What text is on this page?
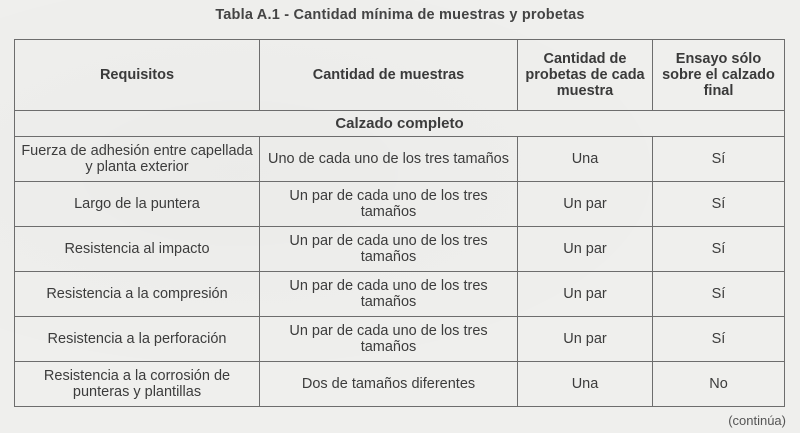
Tabla A.1 - Cantidad mínima de muestras y probetas
Requisitos	Cantidad de muestras	Cantidad de probetas de cada muestra	Ensayo sólo sobre el calzado final
Calzado completo			
Fuerza de adhesión entre capellada y planta exterior	Uno de cada uno de los tres tamaños	Una	Sí
Largo de la puntera	Un par de cada uno de los tres tamaños	Un par	Sí
Resistencia al impacto	Un par de cada uno de los tres tamaños	Un par	Sí
Resistencia a la compresión	Un par de cada uno de los tres tamaños	Un par	Sí
Resistencia a la perforación	Un par de cada uno de los tres tamaños	Un par	Sí
Resistencia a la corrosión de punteras y plantillas	Dos de tamaños diferentes	Una	No
(continúa)
